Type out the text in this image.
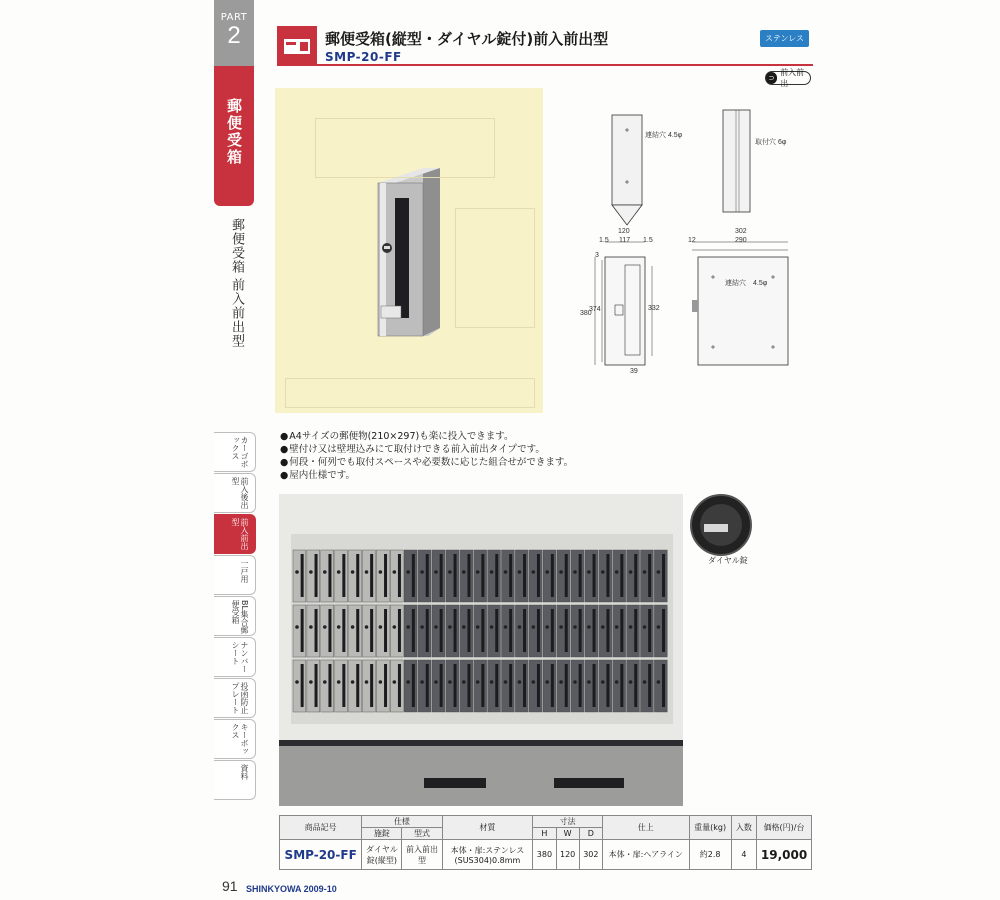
PART
2
郵便受箱
郵便受箱
前入前出型
カーゴボックス
前入後出型
前入前出型
一戸用
BL集合郵便受箱
ナンバーシート
投函防止プレート
キーボックス
資料
郵便受箱(縦型・ダイヤル錠付)前入前出型
SMP-20-FF
ステンレス
⊃
前入前出
連結穴 4.5φ
取付穴 6φ
連結穴　4.5φ
120
1.5 117 1.5
302
12	290
380
374	332
3
39
● A4サイズの郵便物(210×297)も楽に投入できます。
● 壁付け又は壁埋込みにて取付けできる前入前出タイプです。
● 何段・何列でも取付スペースや必要数に応じた組合せができます。
● 屋内仕様です。
ダイヤル錠
商品記号	仕様		材質	寸法			仕上	重量(kg)	入数	価格(円)/台
	施錠	型式		H	W	D				
SMP-20-FF	ダイヤル錠(縦型)	前入前出型	本体・扉:ステンレス(SUS304)0.8mm	380	120	302	本体・扉:ヘアライン	約2.8	4	19,000
91 SHINKYOWA 2009-10
